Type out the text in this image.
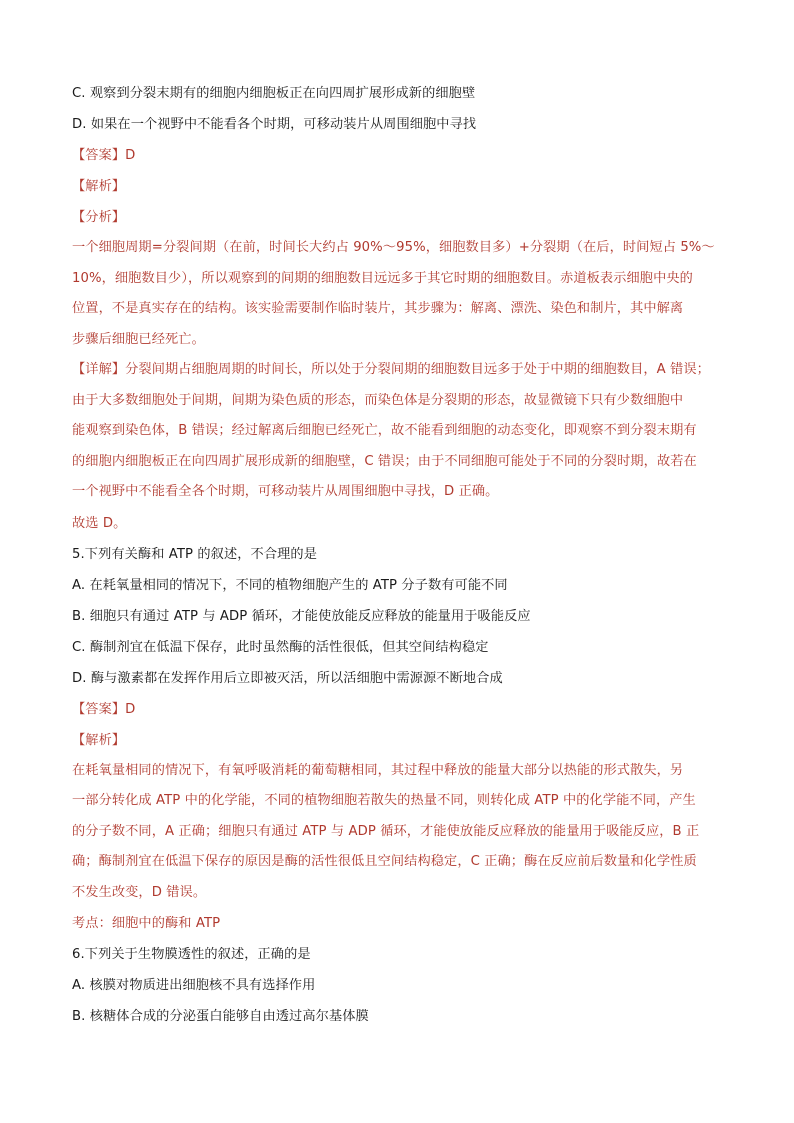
C. 观察到分裂末期有的细胞内细胞板正在向四周扩展形成新的细胞壁
D. 如果在一个视野中不能看各个时期，可移动装片从周围细胞中寻找
【答案】D
【解析】
【分析】
一个细胞周期=分裂间期（在前，时间长大约占 90%～95%，细胞数目多）+分裂期（在后，时间短占 5%～
10%，细胞数目少），所以观察到的间期的细胞数目远远多于其它时期的细胞数目。赤道板表示细胞中央的
位置，不是真实存在的结构。该实验需要制作临时装片，其步骤为：解离、漂洗、染色和制片，其中解离
步骤后细胞已经死亡。
【详解】分裂间期占细胞周期的时间长，所以处于分裂间期的细胞数目远多于处于中期的细胞数目，A 错误；
由于大多数细胞处于间期，间期为染色质的形态，而染色体是分裂期的形态，故显微镜下只有少数细胞中
能观察到染色体，B 错误；经过解离后细胞已经死亡，故不能看到细胞的动态变化，即观察不到分裂末期有
的细胞内细胞板正在向四周扩展形成新的细胞壁，C 错误；由于不同细胞可能处于不同的分裂时期，故若在
一个视野中不能看全各个时期，可移动装片从周围细胞中寻找，D 正确。
故选 D。
5.下列有关酶和 ATP 的叙述，不合理的是
A. 在耗氧量相同的情况下，不同的植物细胞产生的 ATP 分子数有可能不同
B. 细胞只有通过 ATP 与 ADP 循环，才能使放能反应释放的能量用于吸能反应
C. 酶制剂宜在低温下保存，此时虽然酶的活性很低，但其空间结构稳定
D. 酶与激素都在发挥作用后立即被灭活，所以活细胞中需源源不断地合成
【答案】D
【解析】
在耗氧量相同的情况下，有氧呼吸消耗的葡萄糖相同，其过程中释放的能量大部分以热能的形式散失，另
一部分转化成 ATP 中的化学能，不同的植物细胞若散失的热量不同，则转化成 ATP 中的化学能不同，产生
的分子数不同，A 正确；细胞只有通过 ATP 与 ADP 循环，才能使放能反应释放的能量用于吸能反应，B 正
确；酶制剂宜在低温下保存的原因是酶的活性很低且空间结构稳定，C 正确；酶在反应前后数量和化学性质
不发生改变，D 错误。
考点：细胞中的酶和 ATP
6.下列关于生物膜透性的叙述，正确的是
A. 核膜对物质进出细胞核不具有选择作用
B. 核糖体合成的分泌蛋白能够自由透过高尔基体膜
